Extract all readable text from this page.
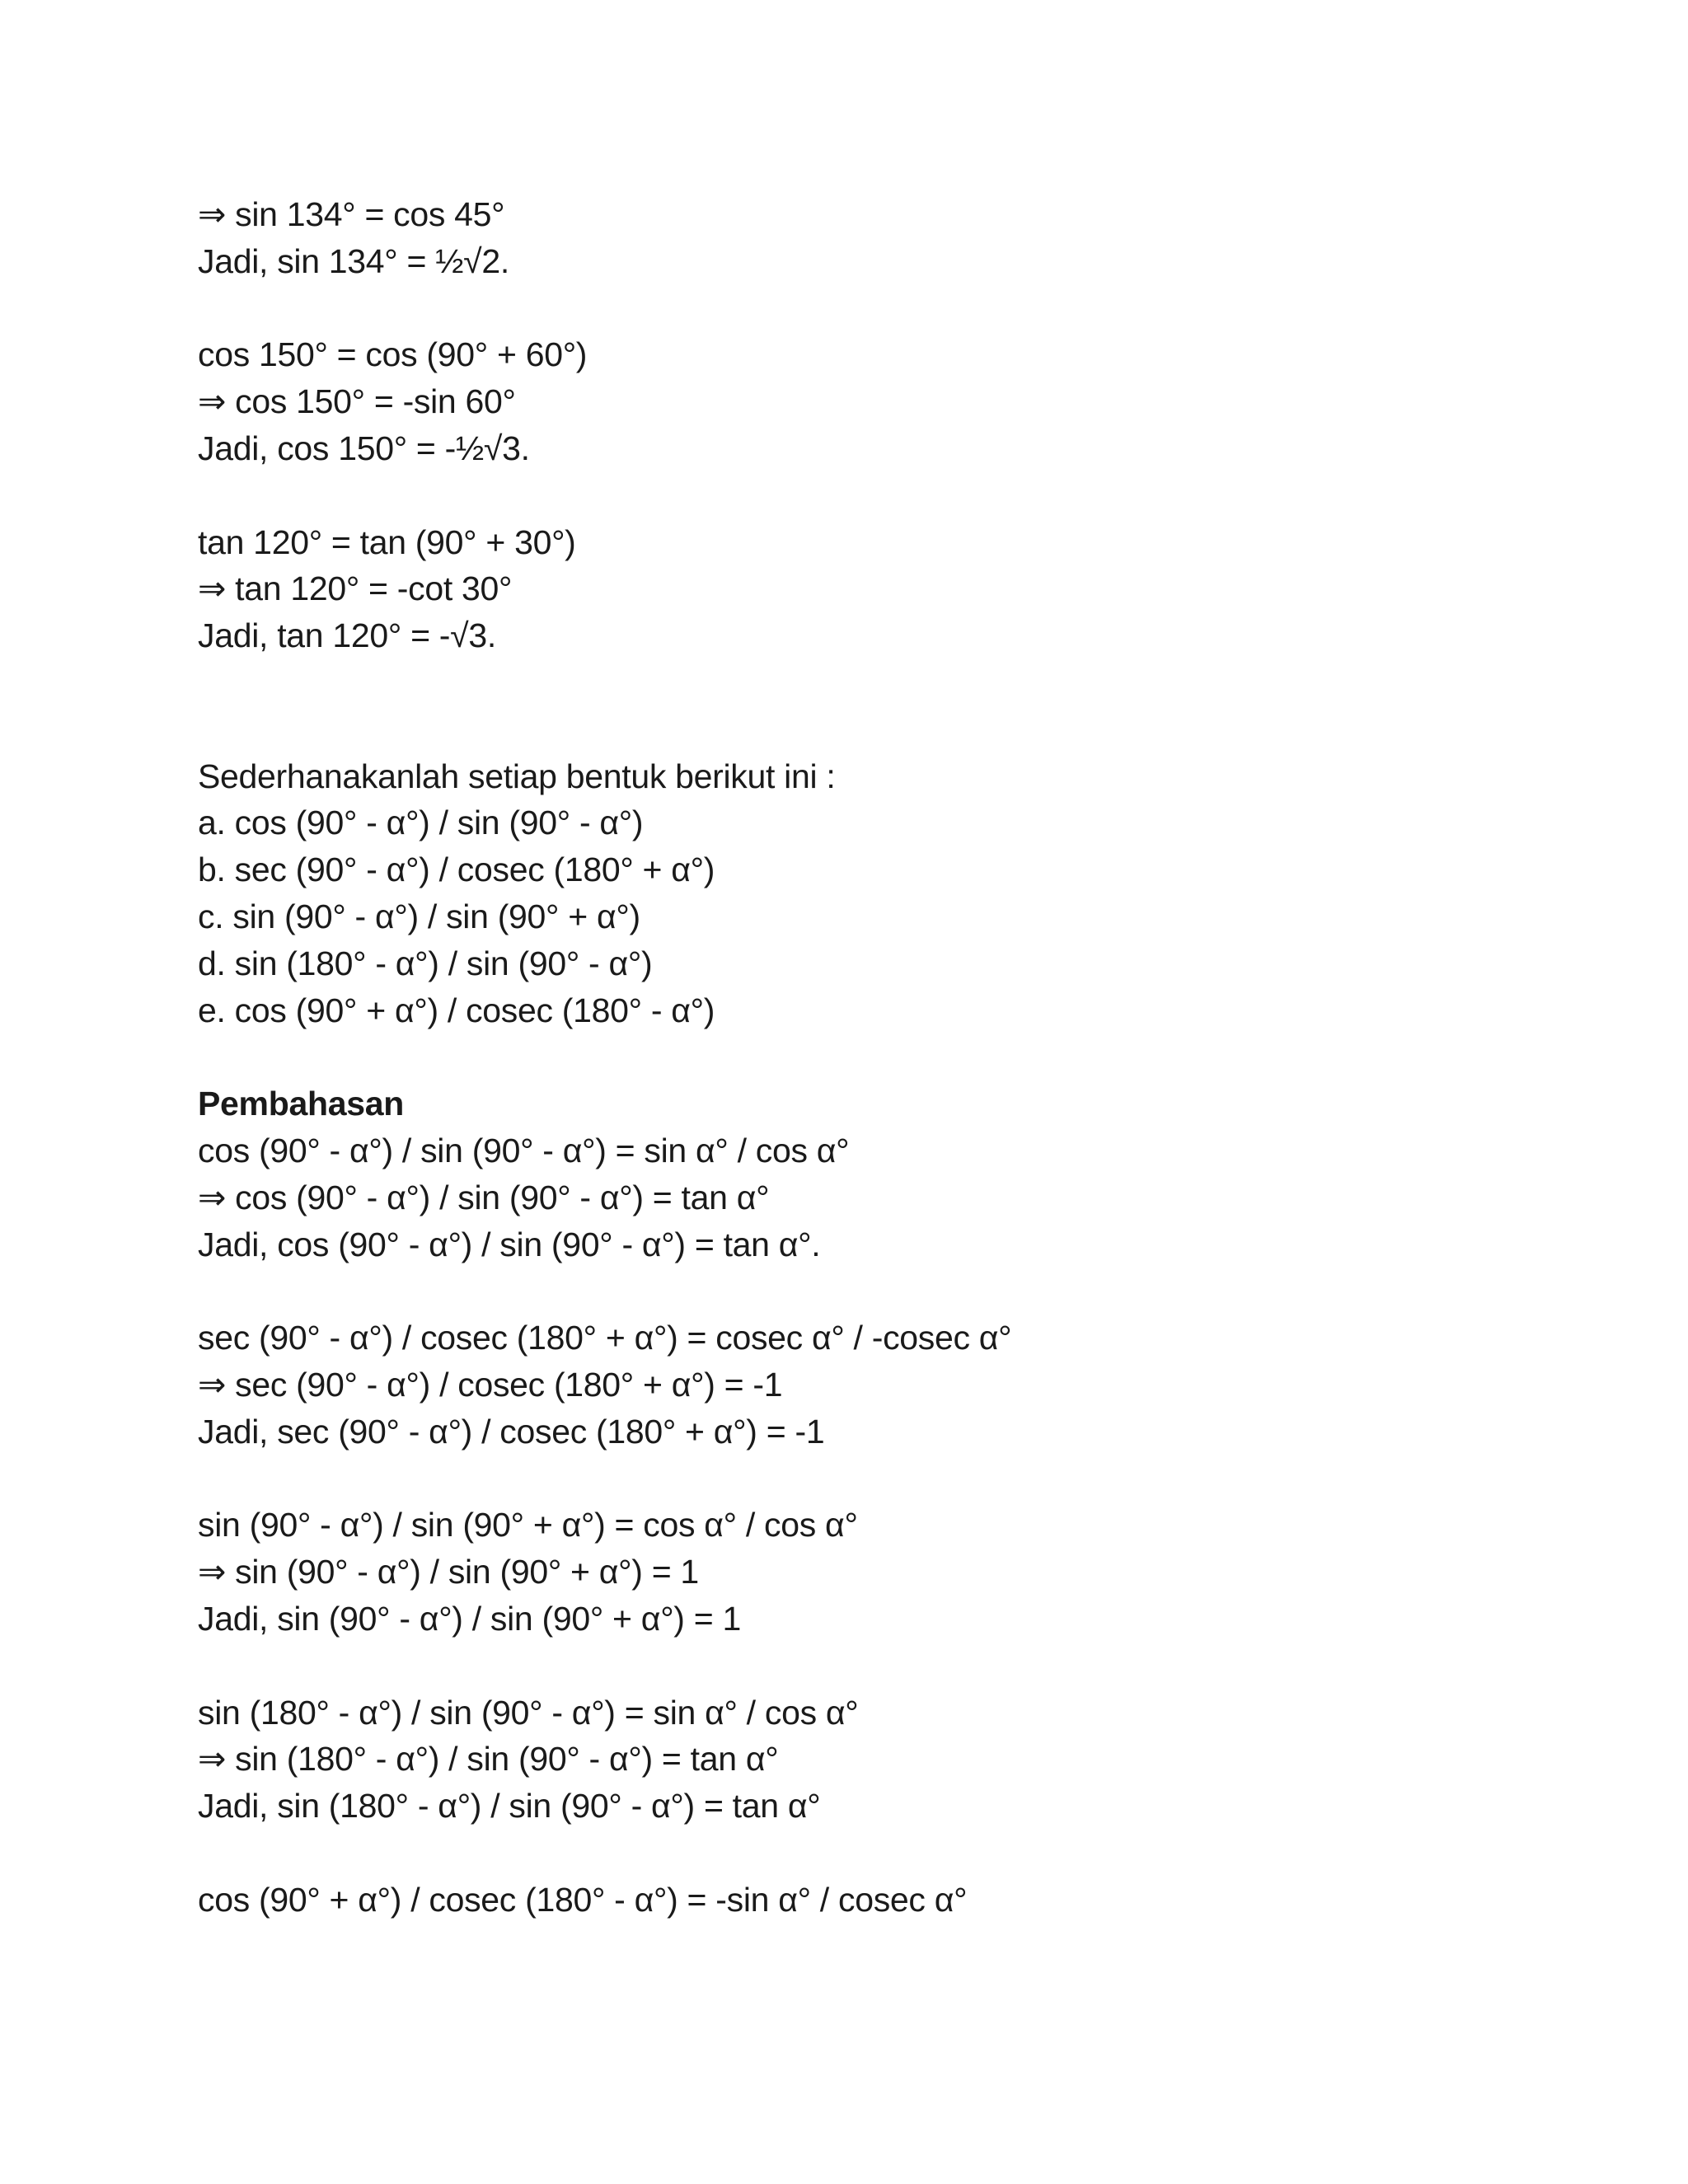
⇒ sin 134° = cos 45°
Jadi, sin 134° = ½√2.
cos 150° = cos (90° + 60°)
⇒ cos 150° = -sin 60°
Jadi, cos 150° = -½√3.
tan 120° = tan (90° + 30°)
⇒ tan 120° = -cot 30°
Jadi, tan 120° = -√3.
Sederhanakanlah setiap bentuk berikut ini :
a. cos (90° - α°) / sin (90° - α°)
b. sec (90° - α°) / cosec (180° + α°)
c. sin (90° - α°) / sin (90° + α°)
d. sin (180° - α°) / sin (90° - α°)
e. cos (90° + α°) / cosec (180° - α°)
Pembahasan
cos (90° - α°) / sin (90° - α°) = sin α° / cos α°
⇒ cos (90° - α°) / sin (90° - α°) = tan α°
Jadi, cos (90° - α°) / sin (90° - α°) = tan α°.
sec (90° - α°) / cosec (180° + α°) = cosec α° / -cosec α°
⇒ sec (90° - α°) / cosec (180° + α°) = -1
Jadi, sec (90° - α°) / cosec (180° + α°) = -1
sin (90° - α°) / sin (90° + α°) = cos α° / cos α°
⇒ sin (90° - α°) / sin (90° + α°) = 1
Jadi, sin (90° - α°) / sin (90° + α°) = 1
sin (180° - α°) / sin (90° - α°) = sin α° / cos α°
⇒ sin (180° - α°) / sin (90° - α°) = tan α°
Jadi, sin (180° - α°) / sin (90° - α°) = tan α°
cos (90° + α°) / cosec (180° - α°) = -sin α° / cosec α°
